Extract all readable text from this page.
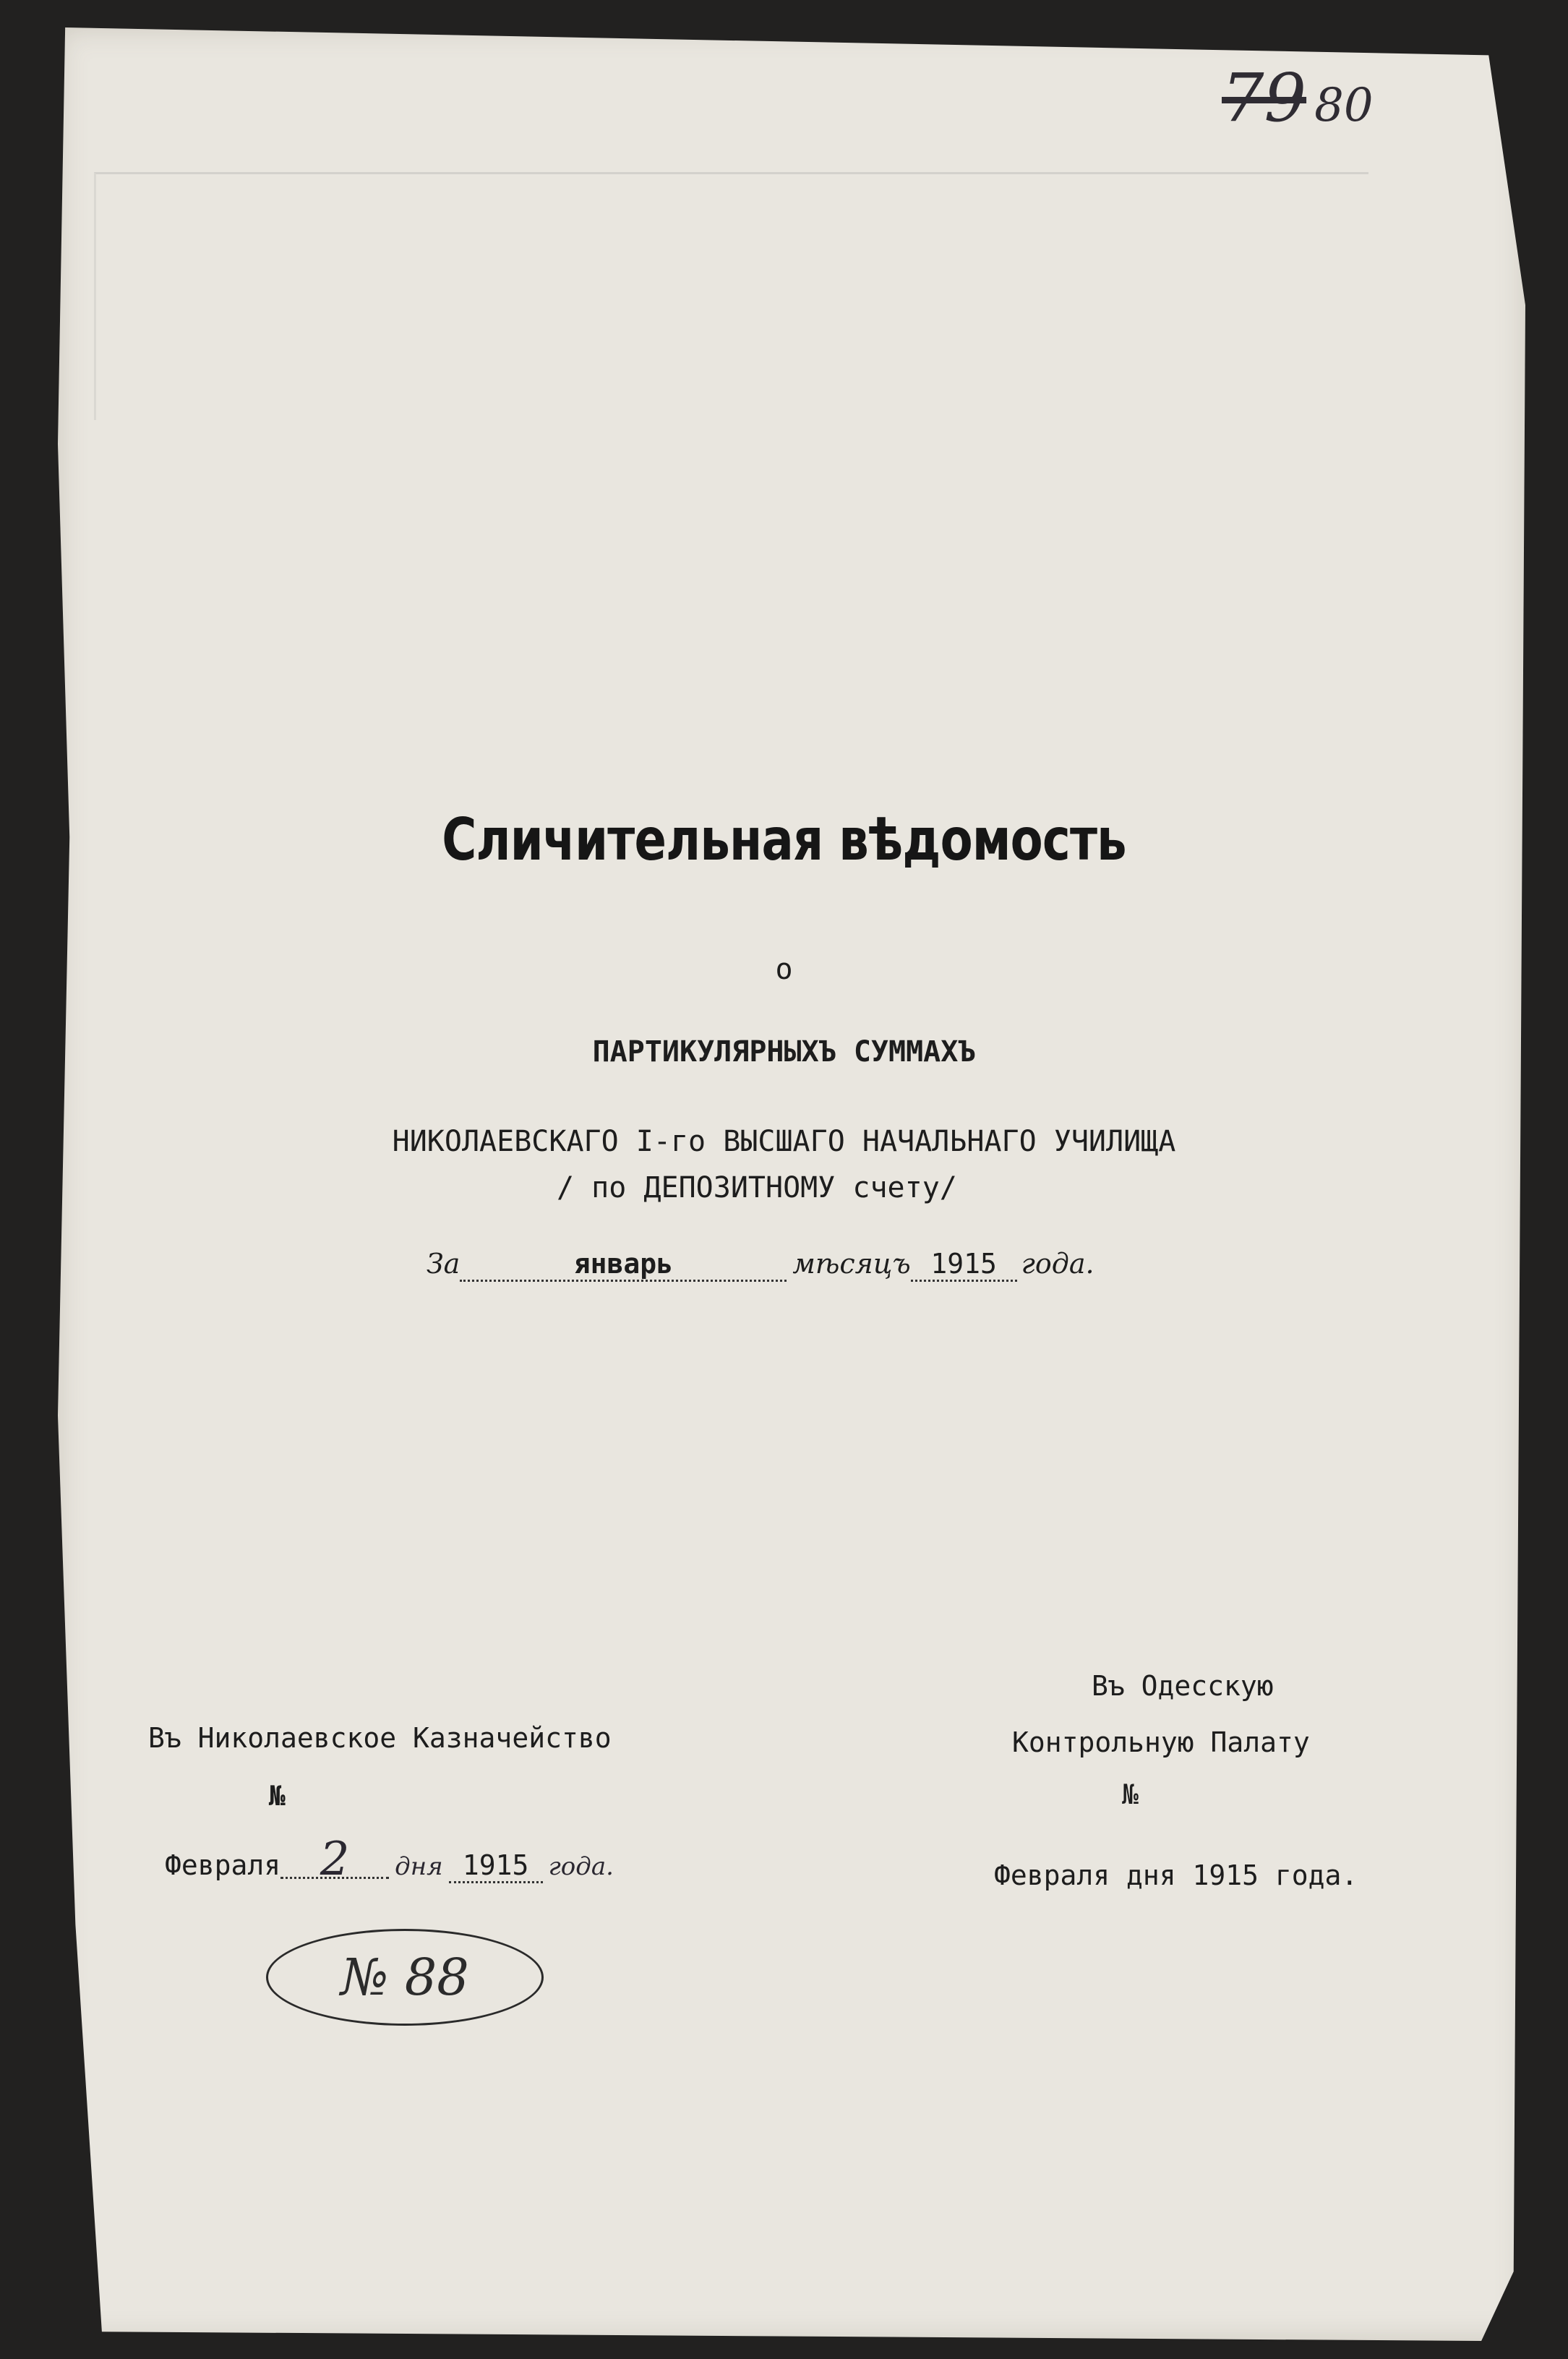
79 80
Сличительная вѣдомость
о
ПАРТИКУЛЯРНЫХЪ СУММАХЪ
НИКОЛАЕВСКАГО І-го ВЫСШАГО НАЧАЛЬНАГО УЧИЛИЩА
/ по ДЕПОЗИТНОМУ счету/
За	январь	мѣсяцъ 1915 года.
Въ Николаевское Казначейство
№
Февраля 2	дня 1915 года.
№ 88
Въ Одесскую
Контрольную Палату
№
Февраля дня 1915 года.
